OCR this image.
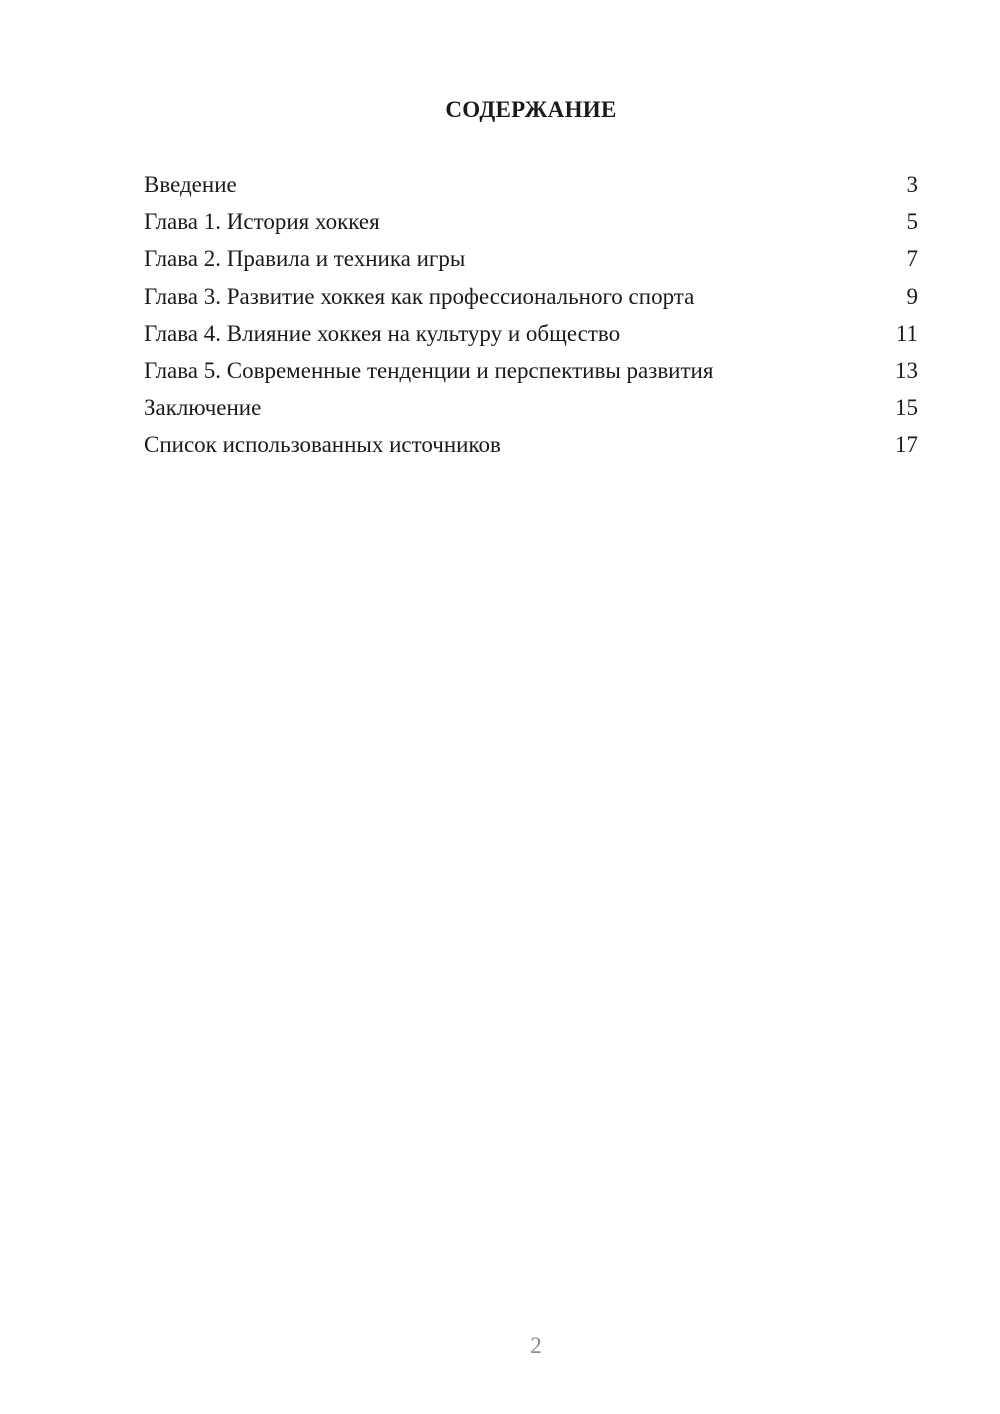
СОДЕРЖАНИЕ
Введение	3
Глава 1. История хоккея	5
Глава 2. Правила и техника игры	7
Глава 3. Развитие хоккея как профессионального спорта	9
Глава 4. Влияние хоккея на культуру и общество	11
Глава 5. Современные тенденции и перспективы развития	13
Заключение	15
Список использованных источников	17
2
